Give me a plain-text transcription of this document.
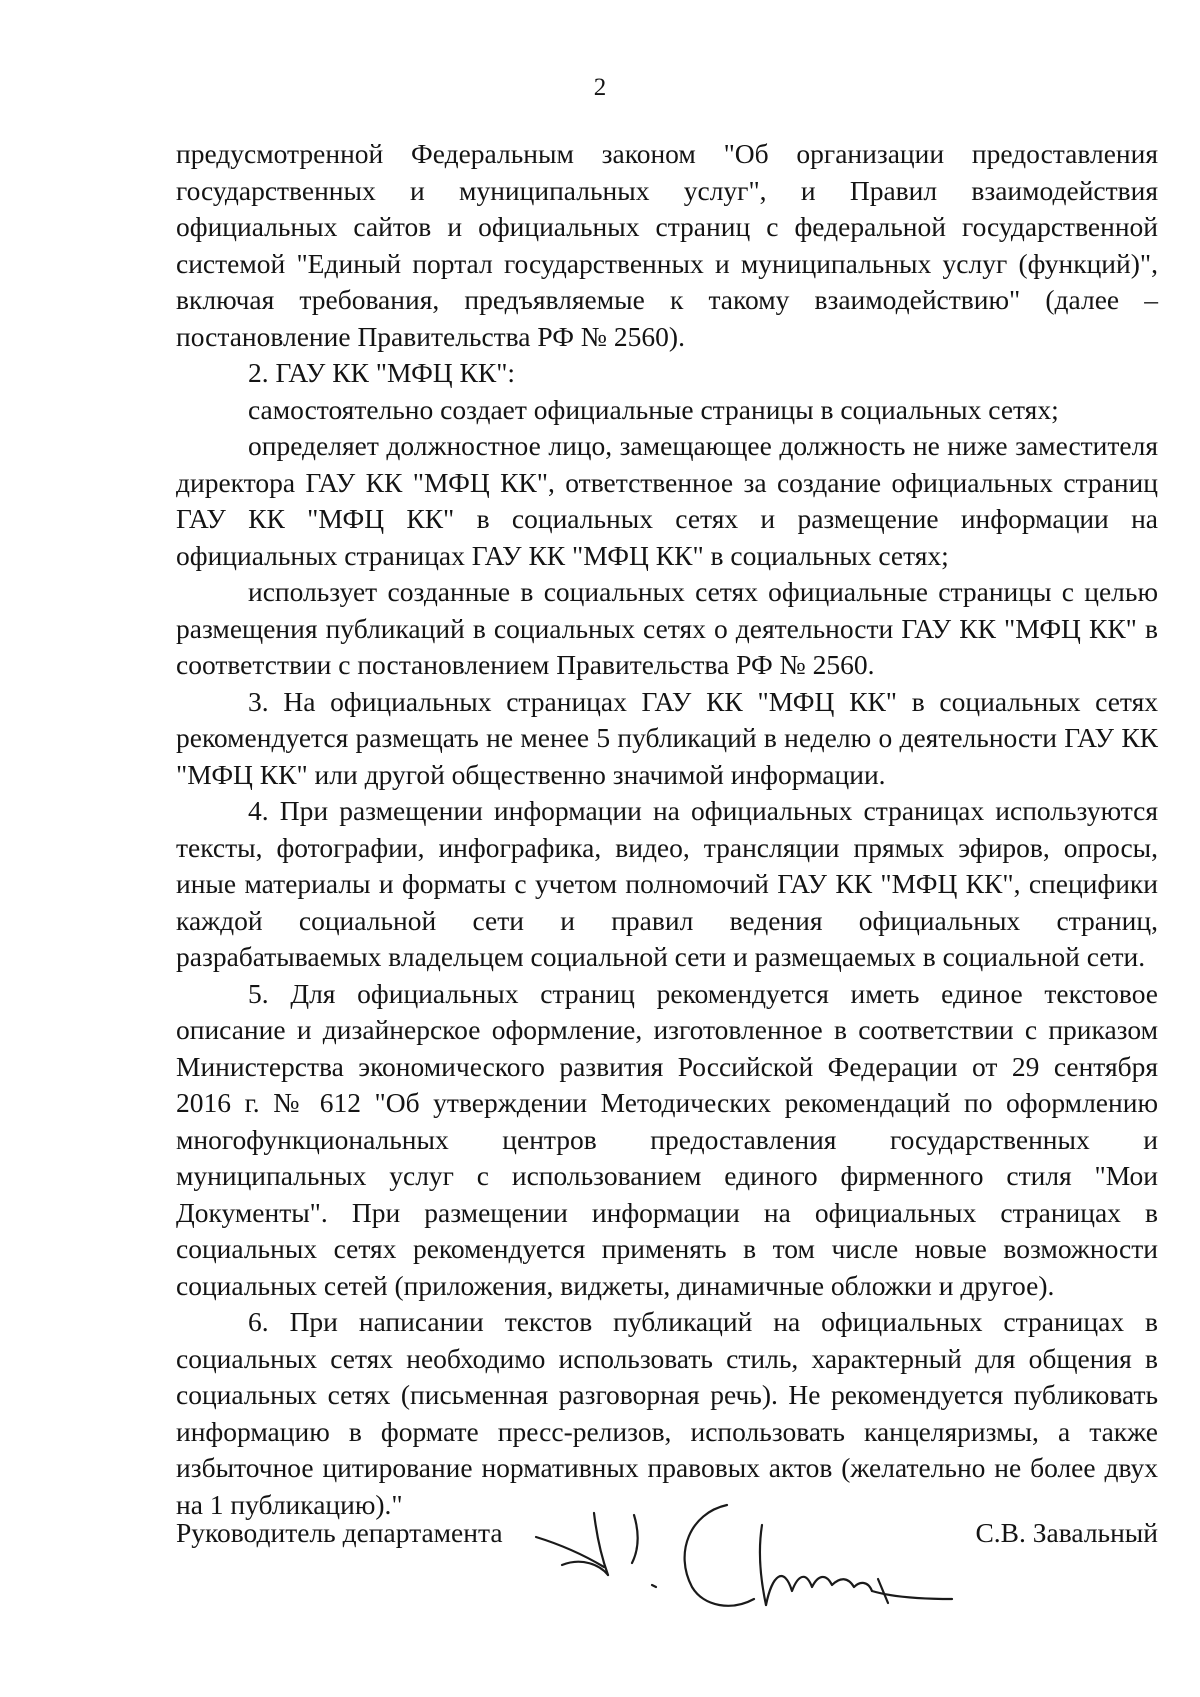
2

предусмотренной Федеральным законом "Об организации предоставления государственных и муниципальных услуг", и Правил взаимодействия официальных сайтов и официальных страниц с федеральной государственной системой "Единый портал государственных и муниципальных услуг (функций)", включая требования, предъявляемые к такому взаимодействию" (далее – постановление Правительства РФ № 2560).

2. ГАУ КК "МФЦ КК":

самостоятельно создает официальные страницы в социальных сетях;

определяет должностное лицо, замещающее должность не ниже заместителя директора ГАУ КК "МФЦ КК", ответственное за создание официальных страниц ГАУ КК "МФЦ КК" в социальных сетях и размещение информации на официальных страницах ГАУ КК "МФЦ КК" в социальных сетях;

использует созданные в социальных сетях официальные страницы с целью размещения публикаций в социальных сетях о деятельности ГАУ КК "МФЦ КК" в соответствии с постановлением Правительства РФ № 2560.

3. На официальных страницах ГАУ КК "МФЦ КК" в социальных сетях рекомендуется размещать не менее 5 публикаций в неделю о деятельности ГАУ КК "МФЦ КК" или другой общественно значимой информации.

4. При размещении информации на официальных страницах используются тексты, фотографии, инфографика, видео, трансляции прямых эфиров, опросы, иные материалы и форматы с учетом полномочий ГАУ КК "МФЦ КК", специфики каждой социальной сети и правил ведения официальных страниц, разрабатываемых владельцем социальной сети и размещаемых в социальной сети.

5. Для официальных страниц рекомендуется иметь единое текстовое описание и дизайнерское оформление, изготовленное в соответствии с приказом Министерства экономического развития Российской Федерации от 29 сентября 2016 г. № 612 "Об утверждении Методических рекомендаций по оформлению многофункциональных центров предоставления государственных и муниципальных услуг с использованием единого фирменного стиля "Мои Документы". При размещении информации на официальных страницах в социальных сетях рекомендуется применять в том числе новые возможности социальных сетей (приложения, виджеты, динамичные обложки и другое).

6. При написании текстов публикаций на официальных страницах в социальных сетях необходимо использовать стиль, характерный для общения в социальных сетях (письменная разговорная речь). Не рекомендуется публиковать информацию в формате пресс-релизов, использовать канцеляризмы, а также избыточное цитирование нормативных правовых актов (желательно не более двух на 1 публикацию)."

Руководитель департамента	С.В. Завальный
